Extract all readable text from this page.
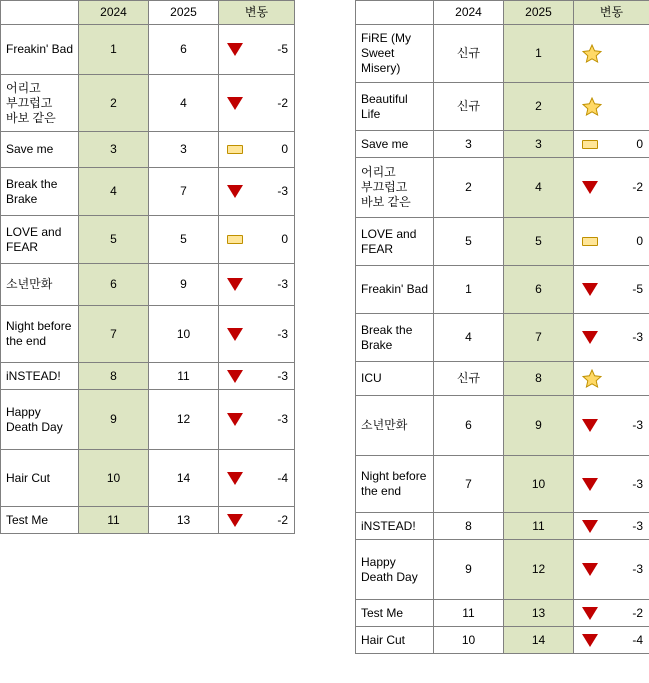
	2024	2025	변동
Freakin' Bad	1	6	-5

어리고 부끄럽고 바보 같은	2	4	-2

Save me	3	3	0

Break the Brake	4	7	-3

LOVE and FEAR	5	5	0

소년만화	6	9	-3

Night before the end	7	10	-3

iNSTEAD!	8	11	-3

Happy Death Day	9	12	-3

Hair Cut	10	14	-4

Test Me	11	13	-2
	2024	2025	변동
FiRE (My Sweet Misery)	신규	1	

Beautiful Life	신규	2	

Save me	3	3	0

어리고 부끄럽고 바보 같은	2	4	-2

LOVE and FEAR	5	5	0

Freakin' Bad	1	6	-5

Break the Brake	4	7	-3

ICU	신규	8	

소년만화	6	9	-3

Night before the end	7	10	-3

iNSTEAD!	8	11	-3

Happy Death Day	9	12	-3

Test Me	11	13	-2

Hair Cut	10	14	-4
